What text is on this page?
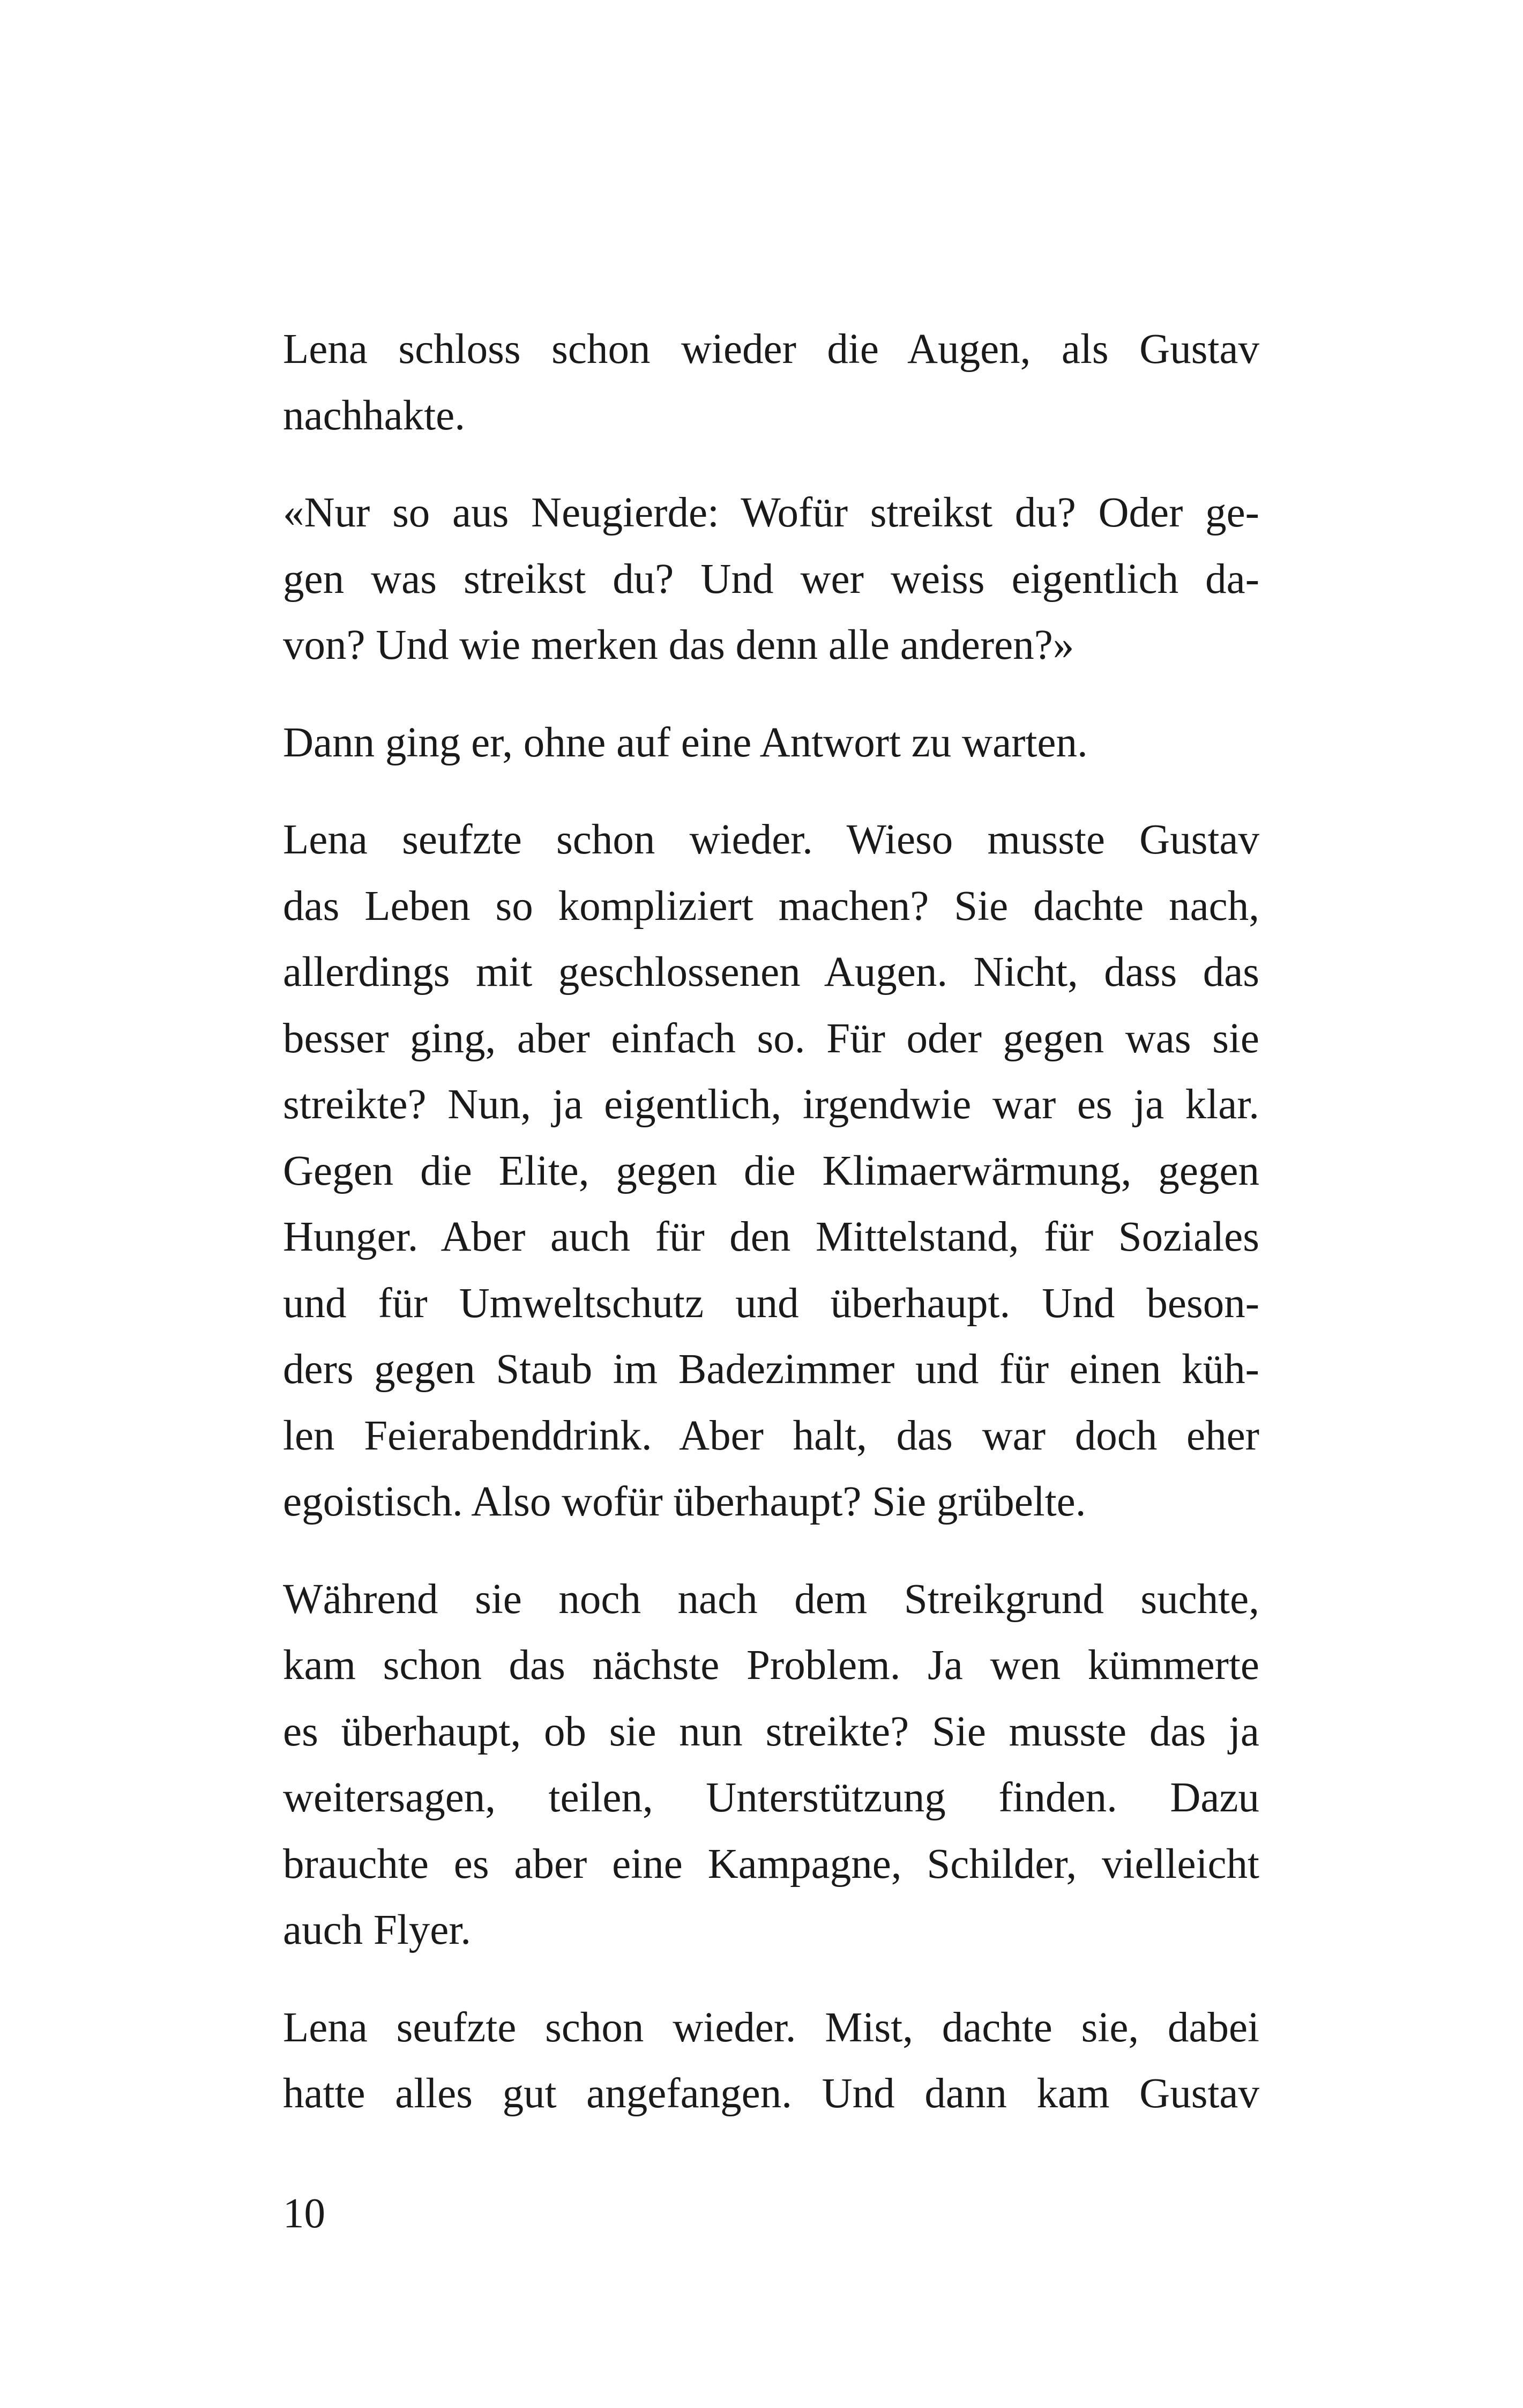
Lena schloss schon wieder die Augen, als Gustav
nachhakte.

«Nur so aus Neugierde: Wofür streikst du? Oder ge-
gen was streikst du? Und wer weiss eigentlich da-
von? Und wie merken das denn alle anderen?»

Dann ging er, ohne auf eine Antwort zu warten.

Lena seufzte schon wieder. Wieso musste Gustav
das Leben so kompliziert machen? Sie dachte nach,
allerdings mit geschlossenen Augen. Nicht, dass das
besser ging, aber einfach so. Für oder gegen was sie
streikte? Nun, ja eigentlich, irgendwie war es ja klar.
Gegen die Elite, gegen die Klimaerwärmung, gegen
Hunger. Aber auch für den Mittelstand, für Soziales
und für Umweltschutz und überhaupt. Und beson-
ders gegen Staub im Badezimmer und für einen küh-
len Feierabenddrink. Aber halt, das war doch eher
egoistisch. Also wofür überhaupt? Sie grübelte.

Während sie noch nach dem Streikgrund suchte,
kam schon das nächste Problem. Ja wen kümmerte
es überhaupt, ob sie nun streikte? Sie musste das ja
weitersagen, teilen, Unterstützung finden. Dazu
brauchte es aber eine Kampagne, Schilder, vielleicht
auch Flyer.

Lena seufzte schon wieder. Mist, dachte sie, dabei
hatte alles gut angefangen. Und dann kam Gustav

10
